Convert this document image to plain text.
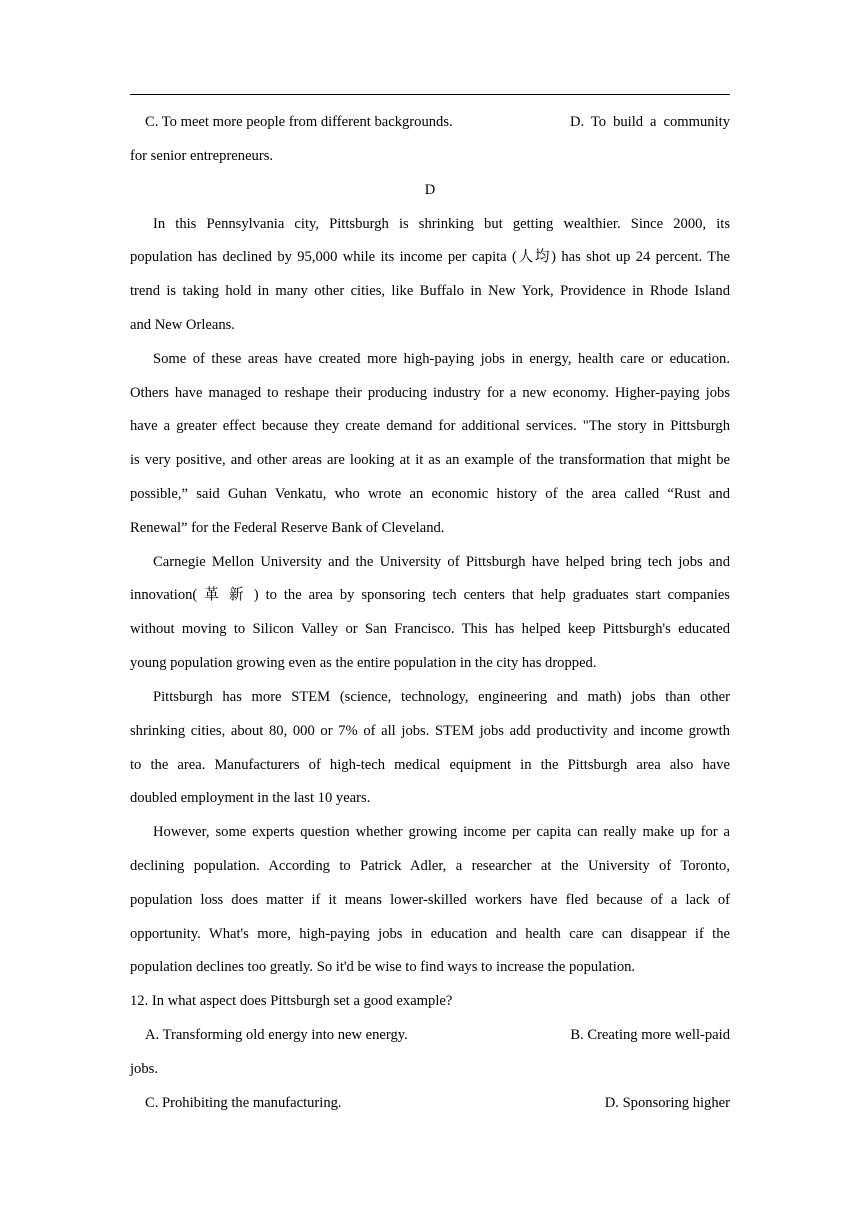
C. To meet more people from different backgrounds.	D. To build a community
for senior entrepreneurs.
D
In this Pennsylvania city, Pittsburgh is shrinking but getting wealthier. Since 2000, its
population has declined by 95,000 while its income per capita (人均) has shot up 24 percent. The
trend is taking hold in many other cities, like Buffalo in New York, Providence in Rhode Island
and New Orleans.
Some of these areas have created more high-paying jobs in energy, health care or education.
Others have managed to reshape their producing industry for a new economy. Higher-paying jobs
have a greater effect because they create demand for additional services. "The story in Pittsburgh
is very positive, and other areas are looking at it as an example of the transformation that might be
possible,” said Guhan Venkatu, who wrote an economic history of the area called “Rust and
Renewal” for the Federal Reserve Bank of Cleveland.
Carnegie Mellon University and the University of Pittsburgh have helped bring tech jobs and
innovation( 革 新 ) to the area by sponsoring tech centers that help graduates start companies
without moving to Silicon Valley or San Francisco. This has helped keep Pittsburgh's educated
young population growing even as the entire population in the city has dropped.
Pittsburgh has more STEM (science, technology, engineering and math) jobs than other
shrinking cities, about 80, 000 or 7% of all jobs. STEM jobs add productivity and income growth
to the area. Manufacturers of high-tech medical equipment in the Pittsburgh area also have
doubled employment in the last 10 years.
However, some experts question whether growing income per capita can really make up for a
declining population. According to Patrick Adler, a researcher at the University of Toronto,
population loss does matter if it means lower-skilled workers have fled because of a lack of
opportunity. What's more, high-paying jobs in education and health care can disappear if the
population declines too greatly. So it'd be wise to find ways to increase the population.
12. In what aspect does Pittsburgh set a good example?
A. Transforming old energy into new energy.	B. Creating more well-paid
jobs.
C. Prohibiting the manufacturing.	D. Sponsoring higher
